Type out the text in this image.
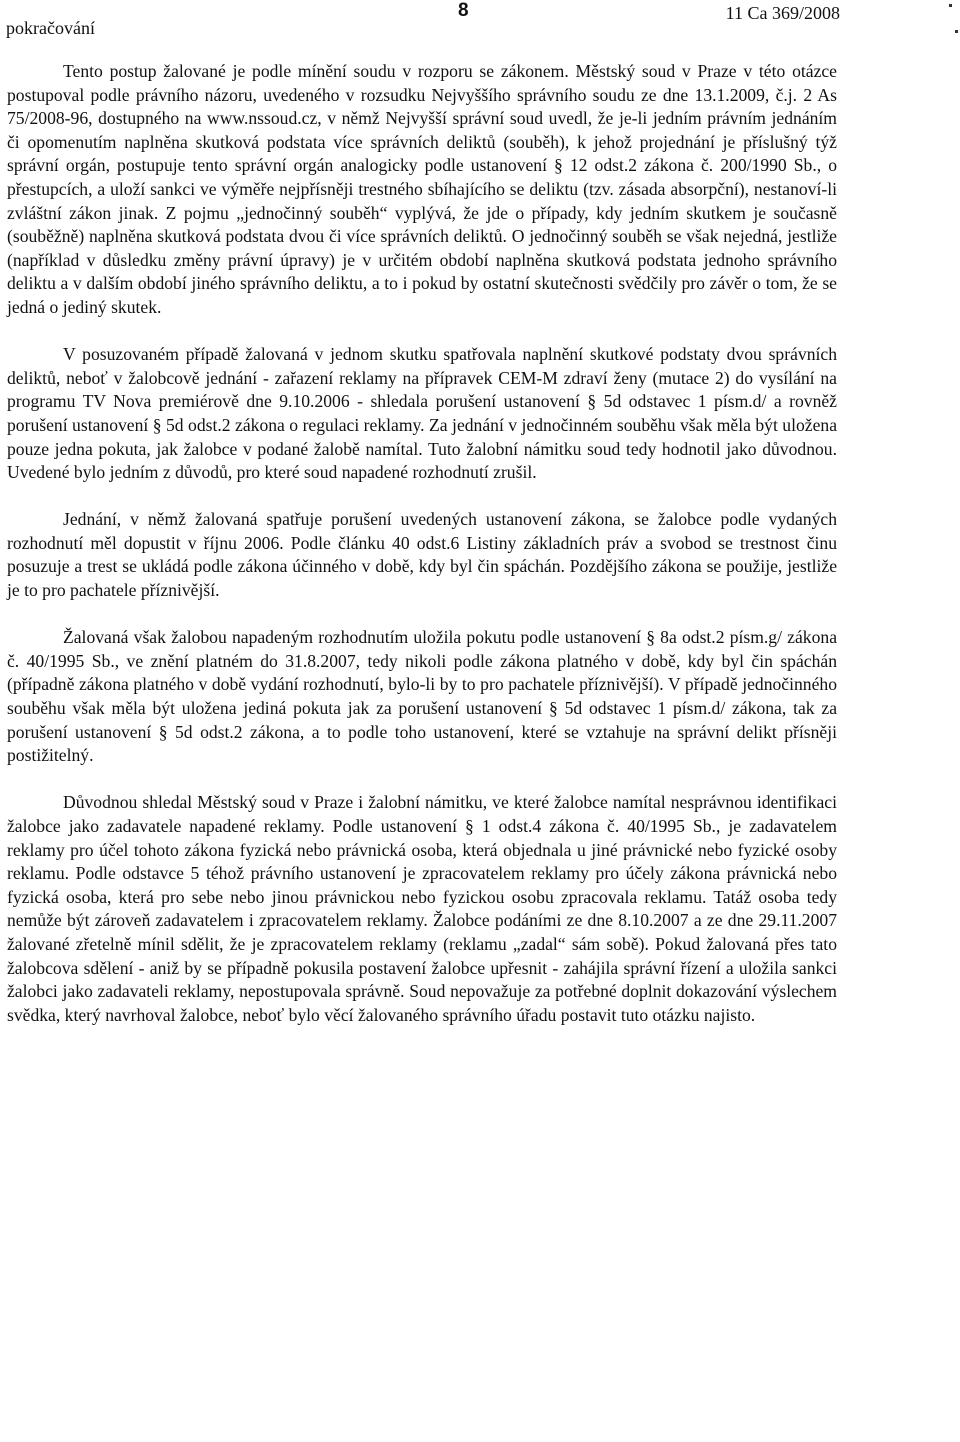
pokračování
8	11 Ca 369/2008

Tento postup žalované je podle mínění soudu v rozporu se zákonem. Městský soud v Praze v této otázce postupoval podle právního názoru, uvedeného v rozsudku Nejvyššího správního soudu ze dne 13.1.2009, č.j. 2 As 75/2008-96, dostupného na www.nssoud.cz, v němž Nejvyšší správní soud uvedl, že je-li jedním právním jednáním či opomenutím naplněna skutková podstata více správních deliktů (souběh), k jehož projednání je příslušný týž správní orgán, postupuje tento správní orgán analogicky podle ustanovení § 12 odst.2 zákona č. 200/1990 Sb., o přestupcích, a uloží sankci ve výměře nejpřísněji trestného sbíhajícího se deliktu (tzv. zásada absorpční), nestanoví-li zvláštní zákon jinak. Z pojmu „jednočinný souběh“ vyplývá, že jde o případy, kdy jedním skutkem je současně (souběžně) naplněna skutková podstata dvou či více správních deliktů. O jednočinný souběh se však nejedná, jestliže (například v důsledku změny právní úpravy) je v určitém období naplněna skutková podstata jednoho správního deliktu a v dalším období jiného správního deliktu, a to i pokud by ostatní skutečnosti svědčily pro závěr o tom, že se jedná o jediný skutek.

V posuzovaném případě žalovaná v jednom skutku spatřovala naplnění skutkové podstaty dvou správních deliktů, neboť v žalobcově jednání - zařazení reklamy na přípravek CEM-M zdraví ženy (mutace 2) do vysílání na programu TV Nova premiérově dne 9.10.2006 - shledala porušení ustanovení § 5d odstavec 1 písm.d/ a rovněž porušení ustanovení § 5d odst.2 zákona o regulaci reklamy. Za jednání v jednočinném souběhu však měla být uložena pouze jedna pokuta, jak žalobce v podané žalobě namítal. Tuto žalobní námitku soud tedy hodnotil jako důvodnou. Uvedené bylo jedním z důvodů, pro které soud napadené rozhodnutí zrušil.

Jednání, v němž žalovaná spatřuje porušení uvedených ustanovení zákona, se žalobce podle vydaných rozhodnutí měl dopustit v říjnu 2006. Podle článku 40 odst.6 Listiny základních práv a svobod se trestnost činu posuzuje a trest se ukládá podle zákona účinného v době, kdy byl čin spáchán. Pozdějšího zákona se použije, jestliže je to pro pachatele příznivější.

Žalovaná však žalobou napadeným rozhodnutím uložila pokutu podle ustanovení § 8a odst.2 písm.g/ zákona č. 40/1995 Sb., ve znění platném do 31.8.2007, tedy nikoli podle zákona platného v době, kdy byl čin spáchán (případně zákona platného v době vydání rozhodnutí, bylo-li by to pro pachatele příznivější). V případě jednočinného souběhu však měla být uložena jediná pokuta jak za porušení ustanovení § 5d odstavec 1 písm.d/ zákona, tak za porušení ustanovení § 5d odst.2 zákona, a to podle toho ustanovení, které se vztahuje na správní delikt přísněji postižitelný.

Důvodnou shledal Městský soud v Praze i žalobní námitku, ve které žalobce namítal nesprávnou identifikaci žalobce jako zadavatele napadené reklamy. Podle ustanovení § 1 odst.4 zákona č. 40/1995 Sb., je zadavatelem reklamy pro účel tohoto zákona fyzická nebo právnická osoba, která objednala u jiné právnické nebo fyzické osoby reklamu. Podle odstavce 5 téhož právního ustanovení je zpracovatelem reklamy pro účely zákona právnická nebo fyzická osoba, která pro sebe nebo jinou právnickou nebo fyzickou osobu zpracovala reklamu. Tatáž osoba tedy nemůže být zároveň zadavatelem i zpracovatelem reklamy. Žalobce podáními ze dne 8.10.2007 a ze dne 29.11.2007 žalované zřetelně mínil sdělit, že je zpracovatelem reklamy (reklamu „zadal“ sám sobě). Pokud žalovaná přes tato žalobcova sdělení - aniž by se případně pokusila postavení žalobce upřesnit - zahájila správní řízení a uložila sankci žalobci jako zadavateli reklamy, nepostupovala správně. Soud nepovažuje za potřebné doplnit dokazování výslechem svědka, který navrhoval žalobce, neboť bylo věcí žalovaného správního úřadu postavit tuto otázku najisto.
